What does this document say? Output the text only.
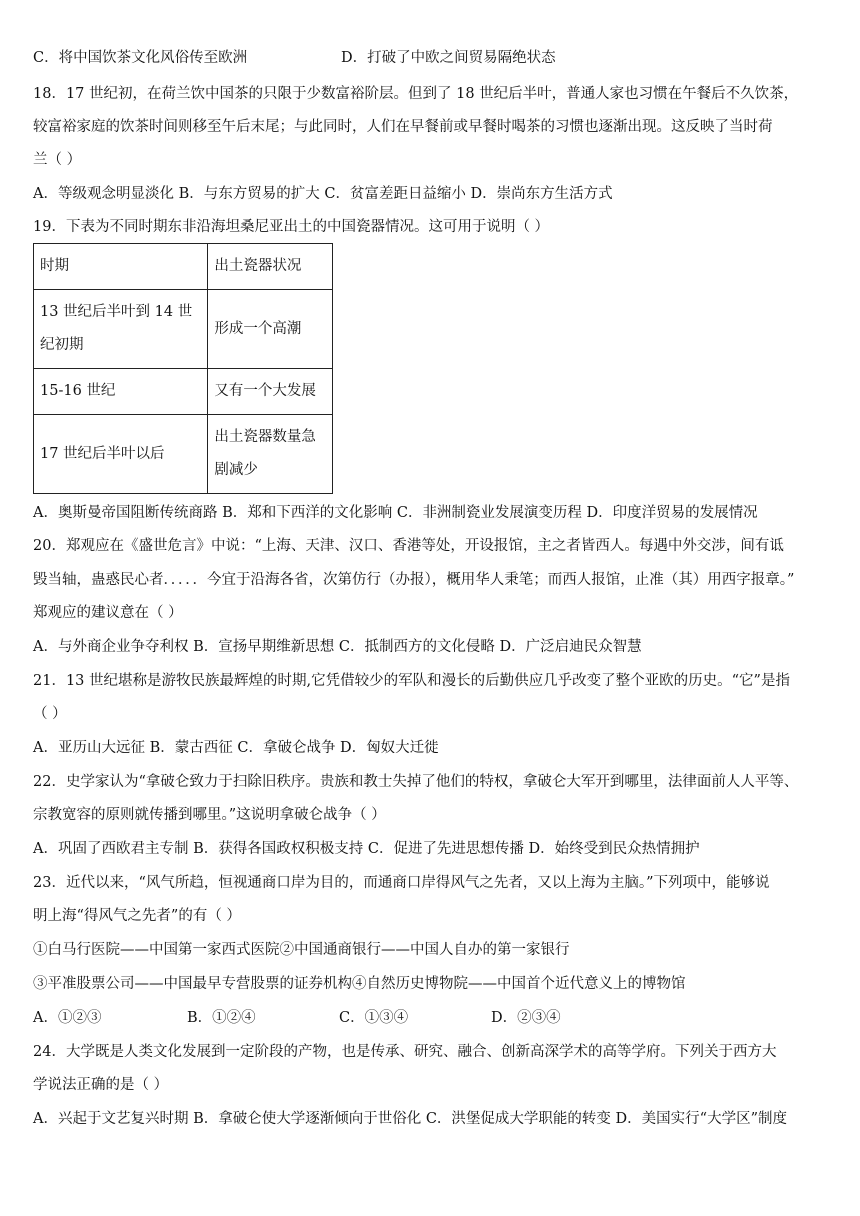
C．将中国饮茶文化风俗传至欧洲	D．打破了中欧之间贸易隔绝状态
18．17 世纪初，在荷兰饮中国茶的只限于少数富裕阶层。但到了 18 世纪后半叶，普通人家也习惯在午餐后不久饮茶，
较富裕家庭的饮茶时间则移至午后末尾；与此同时，人们在早餐前或早餐时喝茶的习惯也逐渐出现。这反映了当时荷
兰（ ）
A．等级观念明显淡化 B．与东方贸易的扩大 C．贫富差距日益缩小 D．崇尚东方生活方式
19．下表为不同时期东非沿海坦桑尼亚出土的中国瓷器情况。这可用于说明（ ）
时期	出土瓷器状况
13 世纪后半叶到 14 世纪初期	形成一个高潮
15-16 世纪	又有一个大发展
17 世纪后半叶以后	出土瓷器数量急剧减少
A．奥斯曼帝国阻断传统商路 B．郑和下西洋的文化影响 C．非洲制瓷业发展演变历程 D．印度洋贸易的发展情况
20．郑观应在《盛世危言》中说：“上海、天津、汉口、香港等处，开设报馆，主之者皆西人。每遇中外交涉，间有诋
毁当轴，蛊惑民心者．．．．．今宜于沿海各省，次第仿行（办报），概用华人秉笔；而西人报馆，止准（其）用西字报章。”
郑观应的建议意在（ ）
A．与外商企业争夺利权 B．宣扬早期维新思想 C．抵制西方的文化侵略 D．广泛启迪民众智慧
21．13 世纪堪称是游牧民族最辉煌的时期,它凭借较少的军队和漫长的后勤供应几乎改变了整个亚欧的历史。“它”是指
（ ）
A．亚历山大远征 B．蒙古西征 C．拿破仑战争 D．匈奴大迁徙
22．史学家认为“拿破仑致力于扫除旧秩序。贵族和教士失掉了他们的特权，拿破仑大军开到哪里，法律面前人人平等、
宗教宽容的原则就传播到哪里。”这说明拿破仑战争（ ）
A．巩固了西欧君主专制 B．获得各国政权积极支持 C．促进了先进思想传播 D．始终受到民众热情拥护
23．近代以来，“风气所趋，恒视通商口岸为目的，而通商口岸得风气之先者，又以上海为主脑。”下列项中，能够说
明上海“得风气之先者”的有（ ）
①白马行医院——中国第一家西式医院②中国通商银行——中国人自办的第一家银行
③平准股票公司——中国最早专营股票的证券机构④自然历史博物院——中国首个近代意义上的博物馆
A．①②③	B．①②④	C．①③④	D．②③④
24．大学既是人类文化发展到一定阶段的产物，也是传承、研究、融合、创新高深学术的高等学府。下列关于西方大
学说法正确的是（ ）
A．兴起于文艺复兴时期 B．拿破仑使大学逐渐倾向于世俗化 C．洪堡促成大学职能的转变 D．美国实行“大学区”制度
